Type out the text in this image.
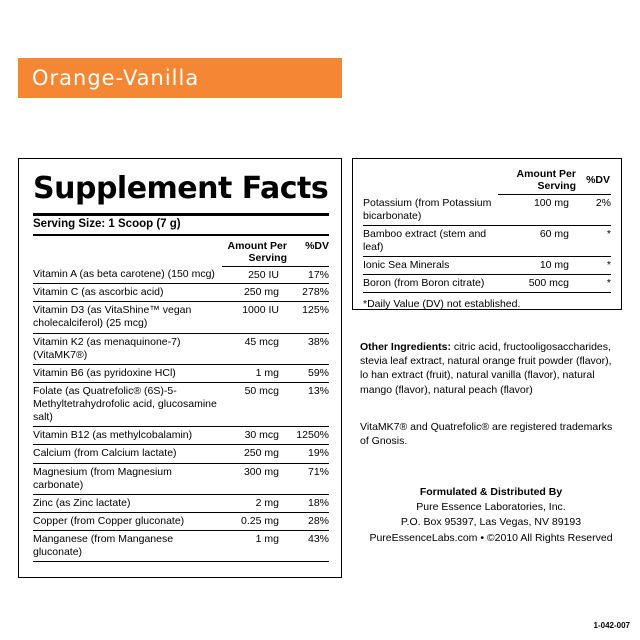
Orange-Vanilla
Supplement Facts
Serving Size: 1 Scoop (7 g)
	Amount Per Serving	%DV
Vitamin A (as beta carotene) (150 mcg)	250 IU	17%
Vitamin C (as ascorbic acid)	250 mg	278%
Vitamin D3 (as VitaShine™ vegan cholecalciferol) (25 mcg)	1000 IU	125%
Vitamin K2 (as menaquinone-7) (VitaMK7®)	45 mcg	38%
Vitamin B6 (as pyridoxine HCl)	1 mg	59%
Folate (as Quatrefolic® (6S)-5-Methyltetrahydrofolic acid, glucosamine salt)	50 mcg	13%
Vitamin B12 (as methylcobalamin)	30 mcg	1250%
Calcium (from Calcium lactate)	250 mg	19%
Magnesium (from Magnesium carbonate)	300 mg	71%
Zinc (as Zinc lactate)	2 mg	18%
Copper (from Copper gluconate)	0.25 mg	28%
Manganese (from Manganese gluconate)	1 mg	43%
	Amount Per Serving	%DV
Potassium (from Potassium bicarbonate)	100 mg	2%
Bamboo extract (stem and leaf)	60 mg	*
Ionic Sea Minerals	10 mg	*
Boron (from Boron citrate)	500 mcg	*
*Daily Value (DV) not established.
Other Ingredients: citric acid, fructooligosaccharides, stevia leaf extract, natural orange fruit powder (flavor), lo han extract (fruit), natural vanilla (flavor), natural mango (flavor), natural peach (flavor)
VitaMK7® and Quatrefolic® are registered trademarks of Gnosis.
Formulated & Distributed By
Pure Essence Laboratories, Inc.
P.O. Box 95397, Las Vegas, NV 89193
PureEssenceLabs.com • ©2010 All Rights Reserved
1-042-007
